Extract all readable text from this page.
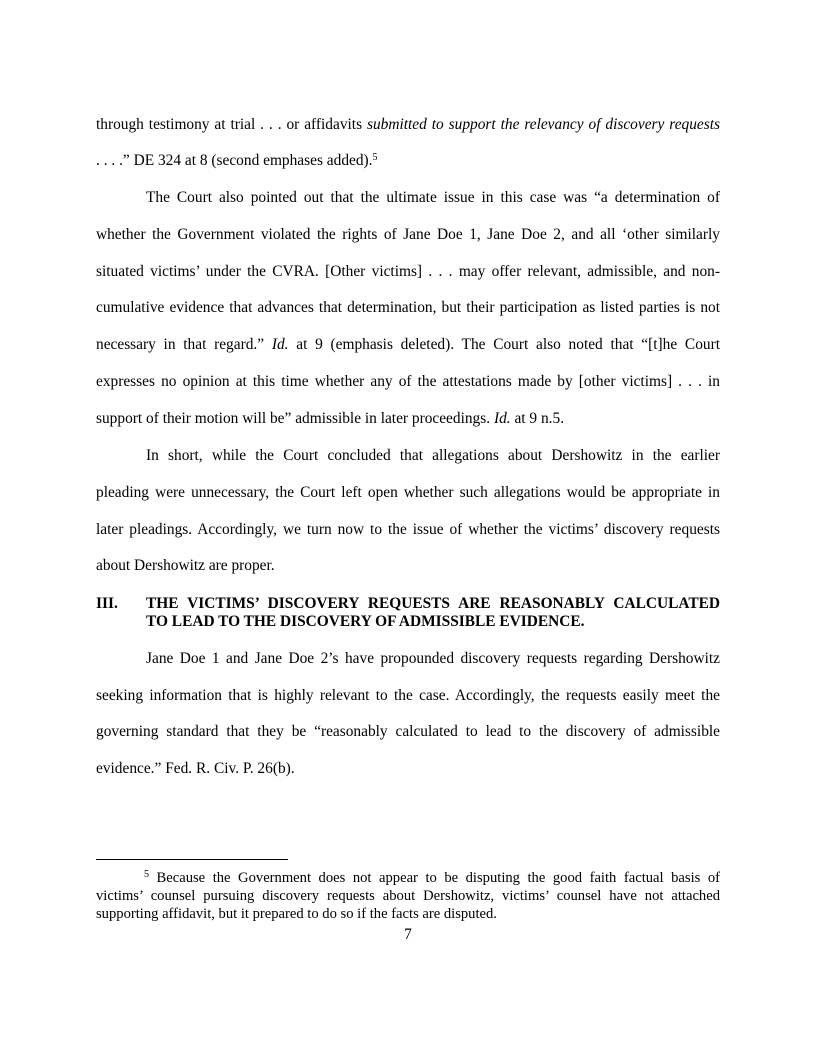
through testimony at trial . . . or affidavits submitted to support the relevancy of discovery requests
. . . .” DE 324 at 8 (second emphases added).$^5$
The Court also pointed out that the ultimate issue in this case was “a determination of
whether the Government violated the rights of Jane Doe 1, Jane Doe 2, and all ‘other similarly
situated victims’ under the CVRA. [Other victims] . . . may offer relevant, admissible, and non-
cumulative evidence that advances that determination, but their participation as listed parties is not
necessary in that regard.” Id. at 9 (emphasis deleted). The Court also noted that “[t]he Court
expresses no opinion at this time whether any of the attestations made by [other victims] . . . in
support of their motion will be” admissible in later proceedings. Id. at 9 n.5.
In short, while the Court concluded that allegations about Dershowitz in the earlier
pleading were unnecessary, the Court left open whether such allegations would be appropriate in
later pleadings. Accordingly, we turn now to the issue of whether the victims’ discovery requests
about Dershowitz are proper.
III. THE VICTIMS’ DISCOVERY REQUESTS ARE REASONABLY CALCULATED
TO LEAD TO THE DISCOVERY OF ADMISSIBLE EVIDENCE.
Jane Doe 1 and Jane Doe 2’s have propounded discovery requests regarding Dershowitz
seeking information that is highly relevant to the case. Accordingly, the requests easily meet the
governing standard that they be “reasonably calculated to lead to the discovery of admissible
evidence.” Fed. R. Civ. P. 26(b).
$^5$ Because the Government does not appear to be disputing the good faith factual basis of
victims’ counsel pursuing discovery requests about Dershowitz, victims’ counsel have not attached
supporting affidavit, but it prepared to do so if the facts are disputed.
7
